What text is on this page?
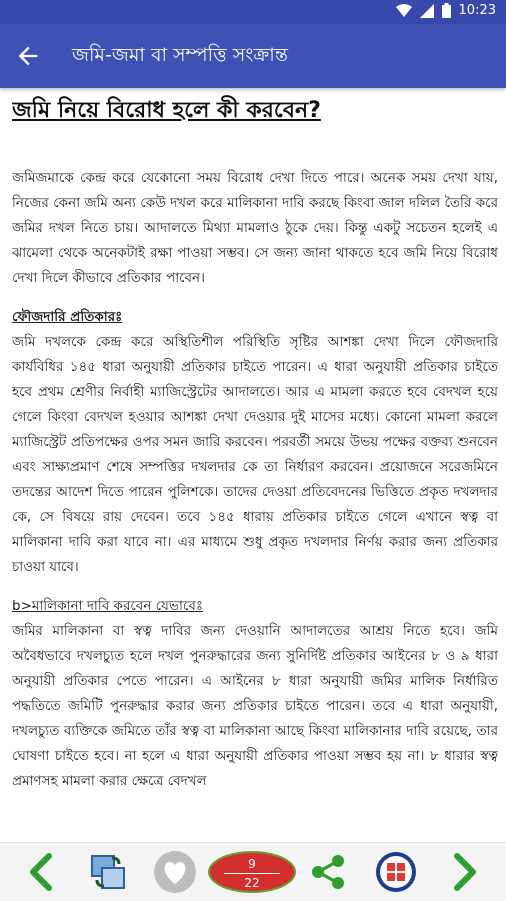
10:23
জমি-জমা বা সম্পত্তি সংক্রান্ত
জমি নিয়ে বিরোধ হলে কী করবেন?

জমিজমাকে কেন্দ্র করে যেকোনো সময় বিরোধ দেখা দিতে পারে। অনেক সময় দেখা যায়, নিজের কেনা জমি অন্য কেউ দখল করে মালিকানা দাবি করছে কিংবা জাল দলিল তৈরি করে জমির দখল নিতে চায়। আদালতে মিথ্যা মামলাও ঠুকে দেয়। কিন্তু একটু সচেতন হলেই এ ঝামেলা থেকে অনেকটাই রক্ষা পাওয়া সম্ভব। সে জন্য জানা থাকতে হবে জমি নিয়ে বিরোধ দেখা দিলে কীভাবে প্রতিকার পাবেন।

ফৌজদারি প্রতিকারঃ

জমি দখলকে কেন্দ্র করে অস্থিতিশীল পরিস্থিতি সৃষ্টির আশঙ্কা দেখা দিলে ফৌজদারি কার্যবিধির ১৪৫ ধারা অনুযায়ী প্রতিকার চাইতে পারেন। এ ধারা অনুযায়ী প্রতিকার চাইতে হবে প্রথম শ্রেণীর নির্বাহী ম্যাজিস্ট্রেটের আদালতে। আর এ মামলা করতে হবে বেদখল হয়ে গেলে কিংবা বেদখল হওয়ার আশঙ্কা দেখা দেওয়ার দুই মাসের মধ্যে। কোনো মামলা করলে ম্যাজিস্ট্রেট প্রতিপক্ষের ওপর সমন জারি করবেন। পরবর্তী সময়ে উভয় পক্ষের বক্তব্য শুনবেন এবং সাক্ষ্যপ্রমাণ শেষে সম্পত্তির দখলদার কে তা নির্ধারণ করবেন। প্রয়োজনে সরেজমিনে তদন্তের আদেশ দিতে পারেন পুলিশকে। তাদের দেওয়া প্রতিবেদনের ভিত্তিতে প্রকৃত দখলদার কে, সে বিষয়ে রায় দেবেন। তবে ১৪৫ ধারায় প্রতিকার চাইতে গেলে এখানে স্বত্ব বা মালিকানা দাবি করা যাবে না। এর মাধ্যমে শুধু প্রকৃত দখলদার নির্ণয় করার জন্য প্রতিকার চাওয়া যাবে।

b>মালিকানা দাবি করবেন যেভাবেঃ

জমির মালিকানা বা স্বত্ব দাবির জন্য দেওয়ানি আদালতের আশ্রয় নিতে হবে। জমি অবৈধভাবে দখলচ্যুত হলে দখল পুনরুদ্ধারের জন্য সুনির্দিষ্ট প্রতিকার আইনের ৮ ও ৯ ধারা অনুযায়ী প্রতিকার পেতে পারেন। এ আইনের ৮ ধারা অনুযায়ী জমির মালিক নির্ধারিত পদ্ধতিতে জমিটি পুনরুদ্ধার করার জন্য প্রতিকার চাইতে পারেন। তবে এ ধারা অনুযায়ী, দখলচ্যুত ব্যক্তিকে জমিতে তাঁর স্বত্ব বা মালিকানা আছে কিংবা মালিকানার দাবি রয়েছে, তার ঘোষণা চাইতে হবে। না হলে এ ধারা অনুযায়ী প্রতিকার পাওয়া সম্ভব হয় না। ৮ ধারার স্বত্ব প্রমাণসহ মামলা করার ক্ষেত্রে বেদখল

9
22
